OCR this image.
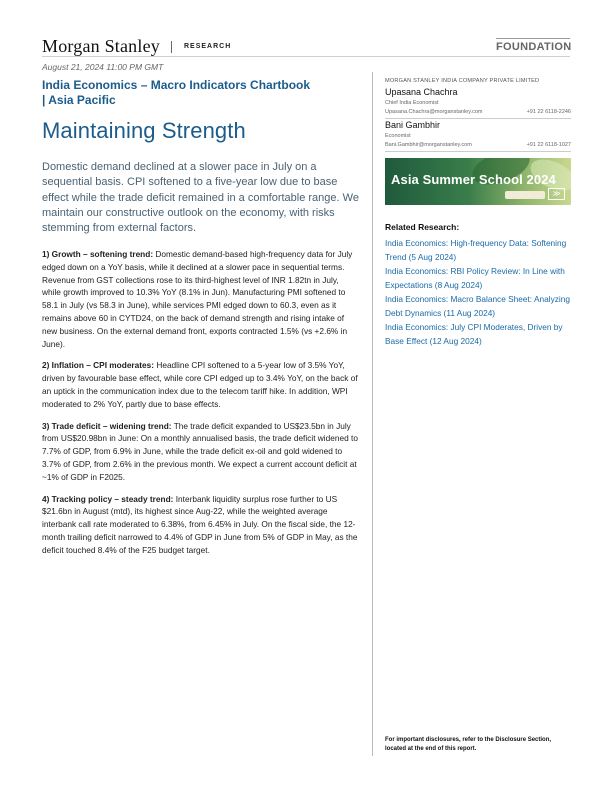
Morgan Stanley	RESEARCH	FOUNDATION
August 21, 2024 11:00 PM GMT
India Economics – Macro Indicators Chartbook
| Asia Pacific
Maintaining Strength
Domestic demand declined at a slower pace in July on a sequential basis. CPI softened to a five-year low due to base effect while the trade deficit remained in a comfortable range. We maintain our constructive outlook on the economy, with risks stemming from external factors.
1) Growth – softening trend: Domestic demand-based high-frequency data for July edged down on a YoY basis, while it declined at a slower pace in sequential terms. Revenue from GST collections rose to its third-highest level of INR 1.82tn in July, while growth improved to 10.3% YoY (8.1% in Jun). Manufacturing PMI softened to 58.1 in July (vs 58.3 in June), while services PMI edged down to 60.3, even as it remains above 60 in CYTD24, on the back of demand strength and rising intake of new business. On the external demand front, exports contracted 1.5% (vs +2.6% in June).
2) Inflation – CPI moderates: Headline CPI softened to a 5-year low of 3.5% YoY, driven by favourable base effect, while core CPI edged up to 3.4% YoY, on the back of an uptick in the communication index due to the telecom tariff hike. In addition, WPI moderated to 2% YoY, partly due to base effects.
3) Trade deficit – widening trend: The trade deficit expanded to US$23.5bn in July from US$20.98bn in June: On a monthly annualised basis, the trade deficit widened to 7.7% of GDP, from 6.9% in June, while the trade deficit ex-oil and gold widened to 3.7% of GDP, from 2.6% in the previous month. We expect a current account deficit at ~1% of GDP in F2025.
4) Tracking policy – steady trend: Interbank liquidity surplus rose further to US $21.6bn in August (mtd), its highest since Aug-22, while the weighted average interbank call rate moderated to 6.38%, from 6.45% in July. On the fiscal side, the 12-month trailing deficit narrowed to 4.4% of GDP in June from 5% of GDP in May, as the deficit touched 8.4% of the F25 budget target.
MORGAN STANLEY INDIA COMPANY PRIVATE LIMITED
Upasana Chachra
Chief India Economist
Upasana.Chachra@morganstanley.com	+91 22 6118-2246
Bani Gambhir
Economist
Bani.Gambhir@morganstanley.com	+91 22 6118-1027
Asia Summer School 2024
≫
Related Research:
India Economics: High-frequency Data: Softening Trend (5 Aug 2024)
India Economics: RBI Policy Review: In Line with Expectations (8 Aug 2024)
India Economics: Macro Balance Sheet: Analyzing Debt Dynamics (11 Aug 2024)
India Economics: July CPI Moderates, Driven by Base Effect (12 Aug 2024)
For important disclosures, refer to the Disclosure Section, located at the end of this report.
